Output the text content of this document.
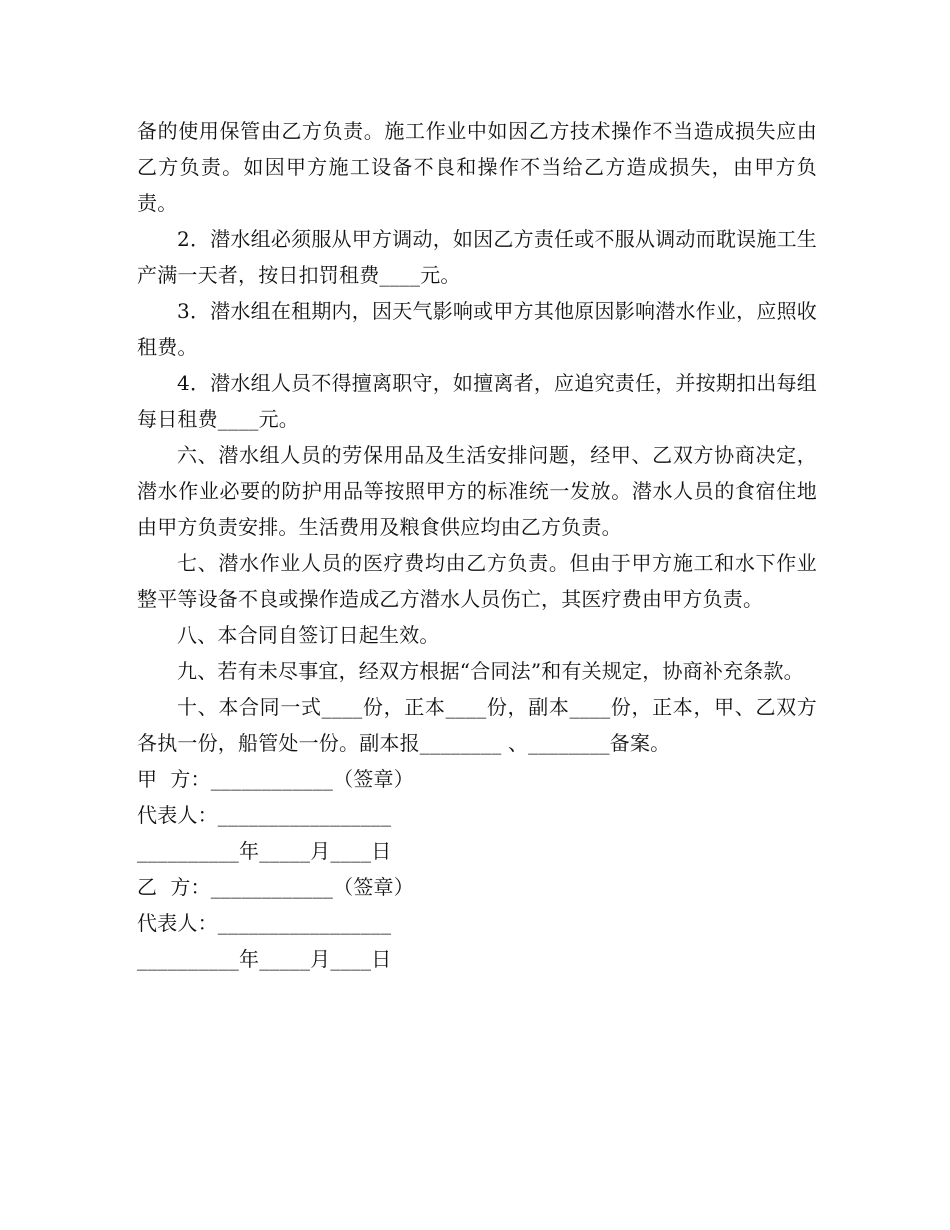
备的使用保管由乙方负责。施工作业中如因乙方技术操作不当造成损失应由乙方负责。如因甲方施工设备不良和操作不当给乙方造成损失，由甲方负责。

2．潜水组必须服从甲方调动，如因乙方责任或不服从调动而耽误施工生产满一天者，按日扣罚租费____元。

3．潜水组在租期内，因天气影响或甲方其他原因影响潜水作业，应照收租费。

4．潜水组人员不得擅离职守，如擅离者，应追究责任，并按期扣出每组每日租费____元。

六、潜水组人员的劳保用品及生活安排问题，经甲、乙双方协商决定，潜水作业必要的防护用品等按照甲方的标准统一发放。潜水人员的食宿住地由甲方负责安排。生活费用及粮食供应均由乙方负责。

七、潜水作业人员的医疗费均由乙方负责。但由于甲方施工和水下作业整平等设备不良或操作造成乙方潜水人员伤亡，其医疗费由甲方负责。

八、本合同自签订日起生效。

九、若有未尽事宜，经双方根据“合同法”和有关规定，协商补充条款。

十、本合同一式____份，正本____份，副本____份，正本，甲、乙双方各执一份，船管处一份。副本报________ 、________备案。

甲  方：____________（签章）

代表人：_________________

__________年_____月____日

乙  方：____________（签章）

代表人：_________________

__________年_____月____日
